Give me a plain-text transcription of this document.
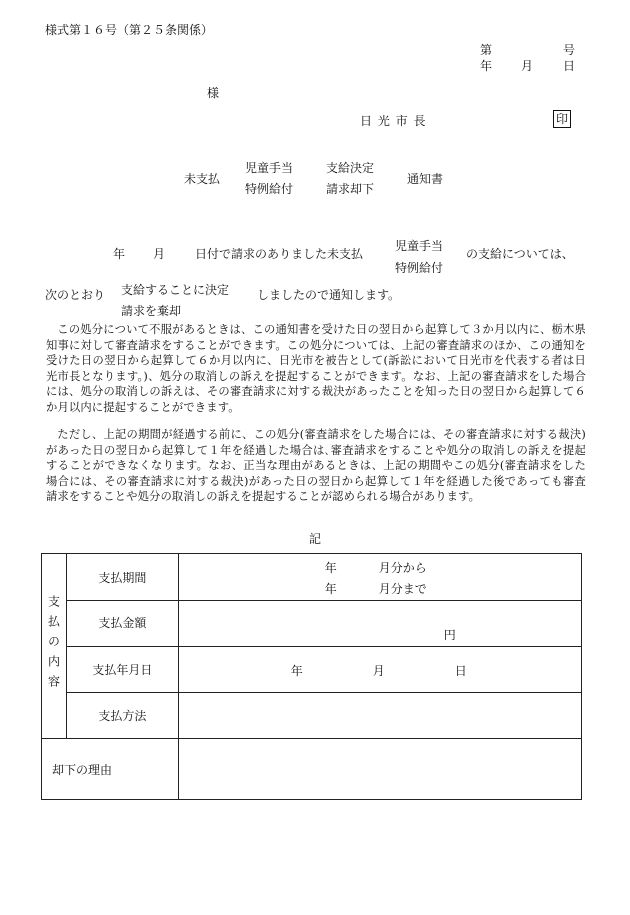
様式第１６号（第２５条関係）
第	号
年 月 日
様
日 光 市 長	印
未支払
児童手当
特例給付
支給決定
請求却下
通知書
年 月 日付で請求のありました未支払
児童手当
特例給付
の支給については、
次のとおり 支給することに決定
請求を棄却
しましたので通知します。
この処分について不服があるときは、この通知書を受けた日の翌日から起算して３か月以内に、栃木県知事に対して審査請求をすることができます。この処分については、上記の審査請求のほか、この通知を受けた日の翌日から起算して６か月以内に、日光市を被告として(訴訟において日光市を代表する者は日光市長となります。)、処分の取消しの訴えを提起することができます。なお、上記の審査請求をした場合には、処分の取消しの訴えは、その審査請求に対する裁決があったことを知った日の翌日から起算して６か月以内に提起することができます。
ただし、上記の期間が経過する前に、この処分(審査請求をした場合には、その審査請求に対する裁決)があった日の翌日から起算して１年を経過した場合は､審査請求をすることや処分の取消しの訴えを提起することができなくなります。なお、正当な理由があるときは、上記の期間やこの処分(審査請求をした場合には、その審査請求に対する裁決)があった日の翌日から起算して１年を経過した後であっても審査請求をすることや処分の取消しの訴えを提起することが認められる場合があります。
記
支払の内容	支払期間	年 月分から
年 月分まで

	支払金額	円

	支払年月日	年 月 日

	支払方法	
却下の理由		
